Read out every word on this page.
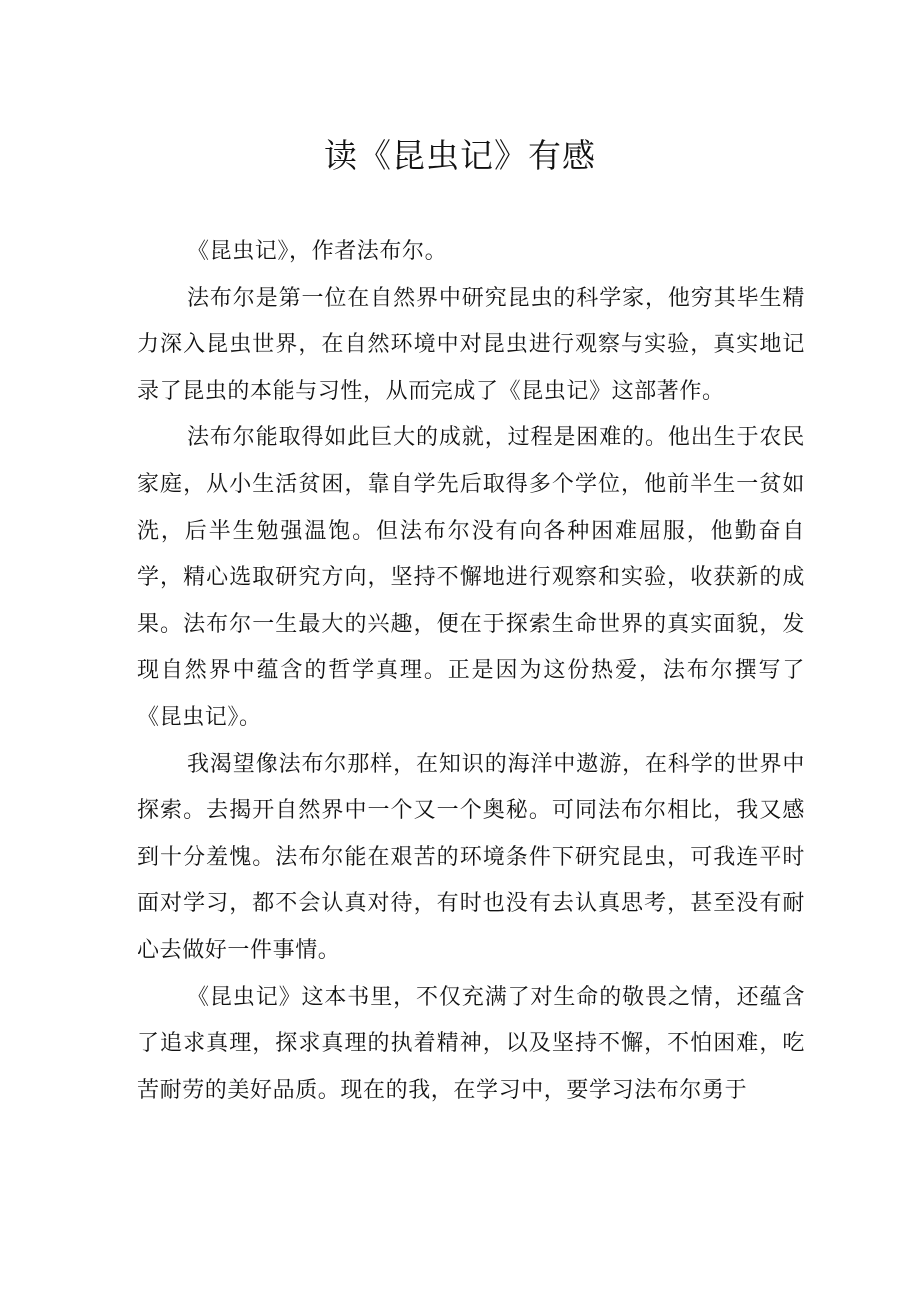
读《昆虫记》有感

《昆虫记》，作者法布尔。

法布尔是第一位在自然界中研究昆虫的科学家，他穷其毕生精力深入昆虫世界，在自然环境中对昆虫进行观察与实验，真实地记录了昆虫的本能与习性，从而完成了《昆虫记》这部著作。

法布尔能取得如此巨大的成就，过程是困难的。他出生于农民家庭，从小生活贫困，靠自学先后取得多个学位，他前半生一贫如洗，后半生勉强温饱。但法布尔没有向各种困难屈服，他勤奋自学，精心选取研究方向，坚持不懈地进行观察和实验，收获新的成果。法布尔一生最大的兴趣，便在于探索生命世界的真实面貌，发现自然界中蕴含的哲学真理。正是因为这份热爱，法布尔撰写了《昆虫记》。

我渴望像法布尔那样，在知识的海洋中遨游，在科学的世界中探索。去揭开自然界中一个又一个奥秘。可同法布尔相比，我又感到十分羞愧。法布尔能在艰苦的环境条件下研究昆虫，可我连平时面对学习，都不会认真对待，有时也没有去认真思考，甚至没有耐心去做好一件事情。

《昆虫记》这本书里，不仅充满了对生命的敬畏之情，还蕴含了追求真理，探求真理的执着精神，以及坚持不懈，不怕困难，吃苦耐劳的美好品质。现在的我，在学习中，要学习法布尔勇于
